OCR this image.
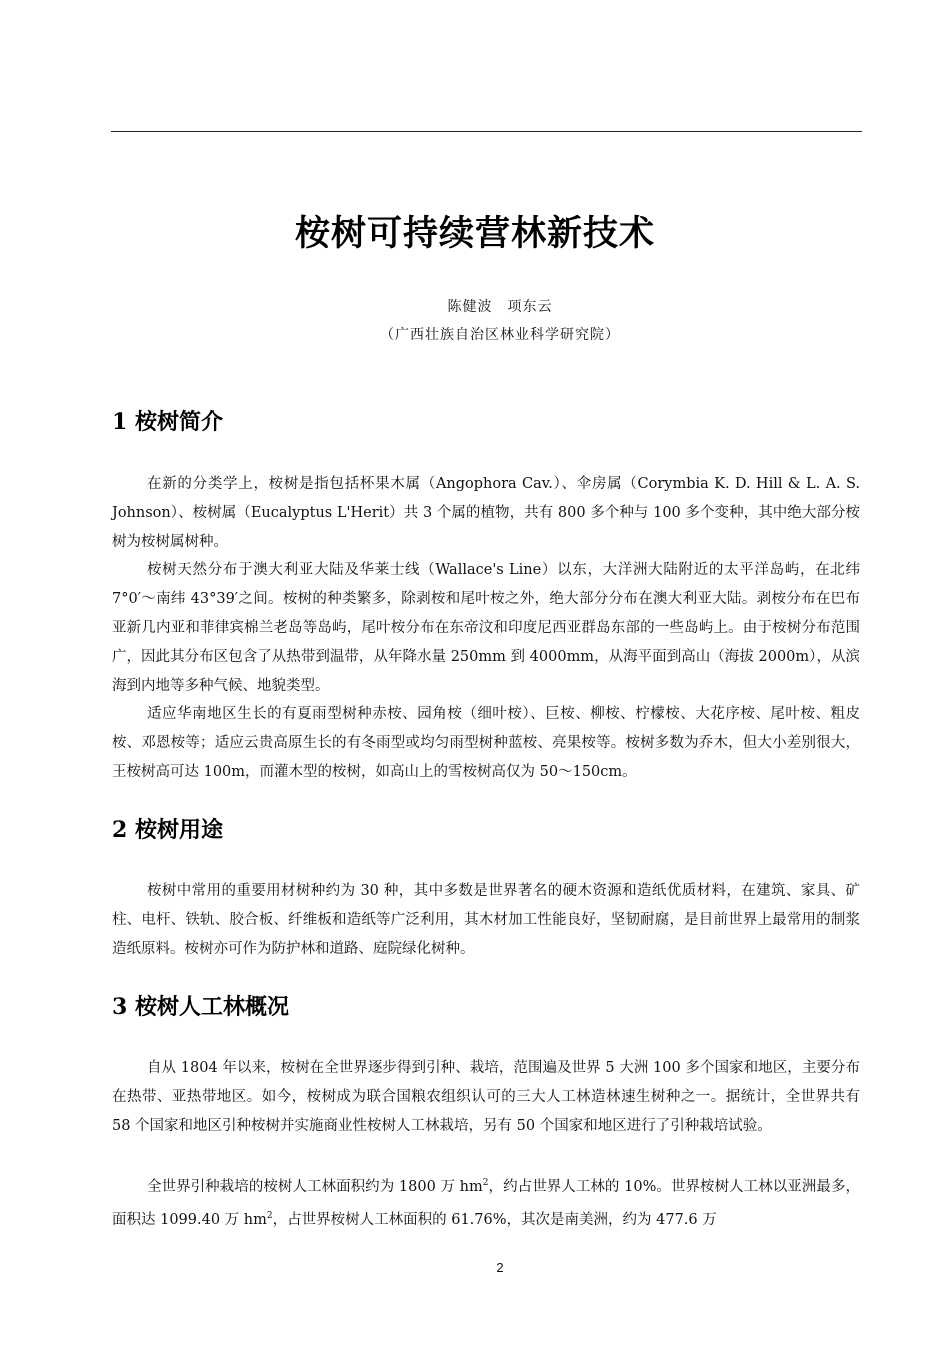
桉树可持续营林新技术
陈健波　项东云
（广西壮族自治区林业科学研究院）
1 桉树简介

在新的分类学上，桉树是指包括杯果木属（Angophora Cav.）、伞房属（Corymbia K. D. Hill & L. A. S. Johnson）、桉树属（Eucalyptus L'Herit）共 3 个属的植物，共有 800 多个种与 100 多个变种，其中绝大部分桉树为桉树属树种。

桉树天然分布于澳大利亚大陆及华莱士线（Wallace's Line）以东，大洋洲大陆附近的太平洋岛屿，在北纬 7°0′～南纬 43°39′之间。桉树的种类繁多，除剥桉和尾叶桉之外，绝大部分分布在澳大利亚大陆。剥桉分布在巴布亚新几内亚和菲律宾棉兰老岛等岛屿，尾叶桉分布在东帝汶和印度尼西亚群岛东部的一些岛屿上。由于桉树分布范围广，因此其分布区包含了从热带到温带，从年降水量 250mm 到 4000mm，从海平面到高山（海拔 2000m），从滨海到内地等多种气候、地貌类型。

适应华南地区生长的有夏雨型树种赤桉、园角桉（细叶桉）、巨桉、柳桉、柠檬桉、大花序桉、尾叶桉、粗皮桉、邓恩桉等；适应云贵高原生长的有冬雨型或均匀雨型树种蓝桉、亮果桉等。桉树多数为乔木，但大小差别很大，王桉树高可达 100m，而灌木型的桉树，如高山上的雪桉树高仅为 50～150cm。

2 桉树用途

桉树中常用的重要用材树种约为 30 种，其中多数是世界著名的硬木资源和造纸优质材料，在建筑、家具、矿柱、电杆、铁轨、胶合板、纤维板和造纸等广泛利用，其木材加工性能良好，坚韧耐腐，是目前世界上最常用的制浆造纸原料。桉树亦可作为防护林和道路、庭院绿化树种。

3 桉树人工林概况

自从 1804 年以来，桉树在全世界逐步得到引种、栽培，范围遍及世界 5 大洲 100 多个国家和地区，主要分布在热带、亚热带地区。如今，桉树成为联合国粮农组织认可的三大人工林造林速生树种之一。据统计，全世界共有 58 个国家和地区引种桉树并实施商业性桉树人工林栽培，另有 50 个国家和地区进行了引种栽培试验。

全世界引种栽培的桉树人工林面积约为 1800 万 $hm^2$，约占世界人工林的 10%。世界桉树人工林以亚洲最多，面积达 1099.40 万 $hm^2$，占世界桉树人工林面积的 61.76%，其次是南美洲，约为 477.6 万

2
